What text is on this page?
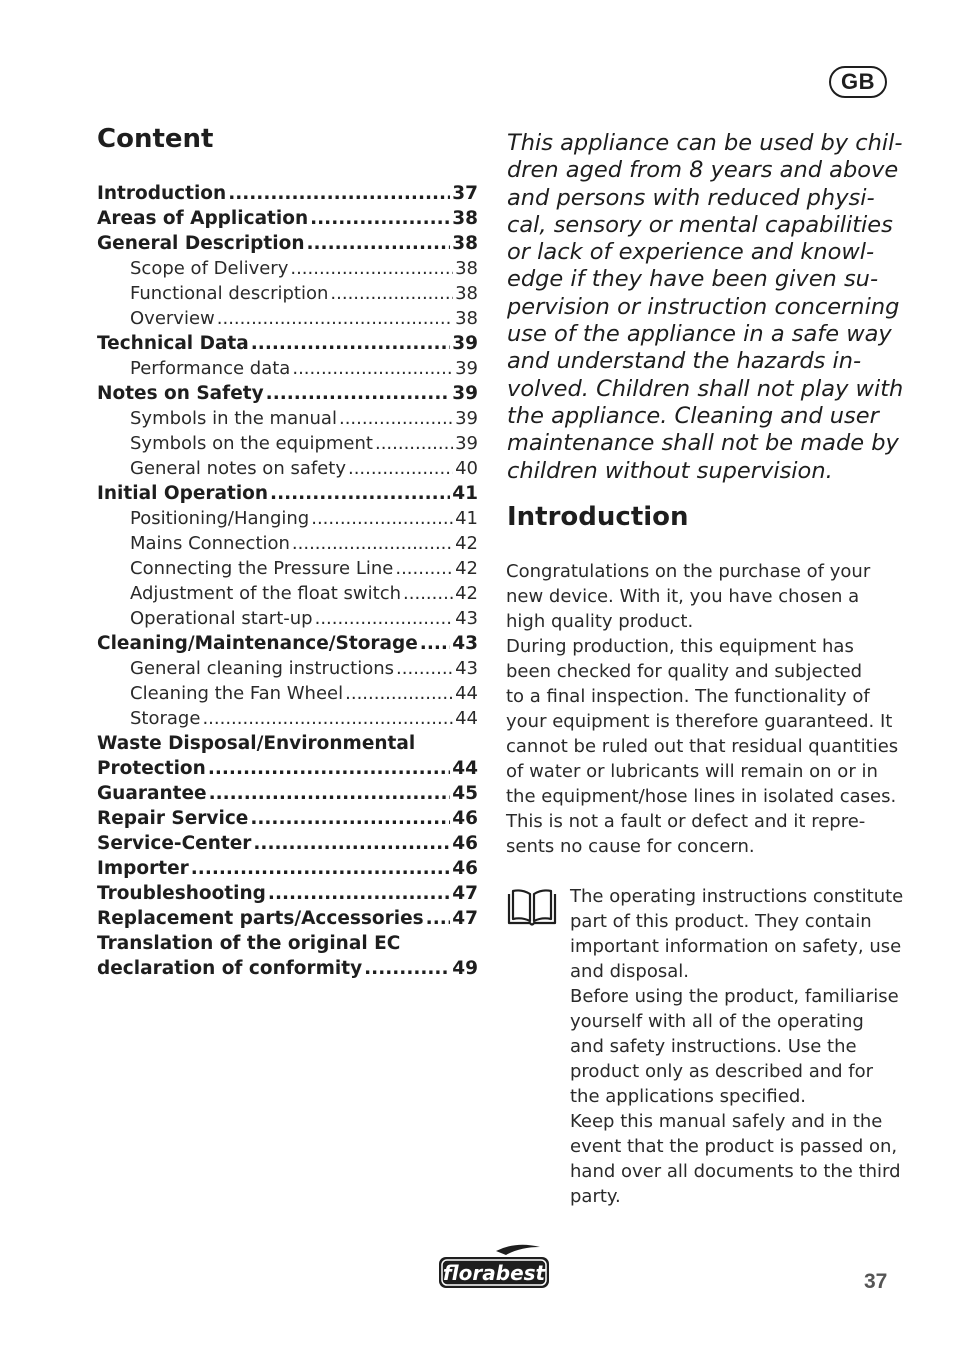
GB
Content
Introduction .....	37
Areas of Application .....	38
General Description .....	38
Scope of Delivery .....	38
Functional description .....	38
Overview .....	38
Technical Data .....	39
Performance data .....	39
Notes on Safety .....	39
Symbols in the manual .....	39
Symbols on the equipment .....	39
General notes on safety .....	40
Initial Operation .....	41
Positioning/Hanging .....	41
Mains Connection .....	42
Connecting the Pressure Line .....	42
Adjustment of the float switch .....	42
Operational start-up .....	43
Cleaning/Maintenance/Storage ..... 43
General cleaning instructions .....	43
Cleaning the Fan Wheel .....	44
Storage .....	44
Waste Disposal/Environmental
Protection .....	44
Guarantee .....	45
Repair Service .....	46
Service-Center .....	46
Importer .....	46
Troubleshooting .....	47
Replacement parts/Accessories ..... 47
Translation of the original EC
declaration of conformity .....	49

This appliance can be used by chil-
dren aged from 8 years and above
and persons with reduced physi-
cal, sensory or mental capabilities
or lack of experience and knowl-
edge if they have been given su-
pervision or instruction concerning
use of the appliance in a safe way
and understand the hazards in-
volved. Children shall not play with
the appliance. Cleaning and user
maintenance shall not be made by
children without supervision.

Introduction
Congratulations on the purchase of your
new device. With it, you have chosen a
high quality product.
During production, this equipment has
been checked for quality and subjected
to a final inspection. The functionality of
your equipment is therefore guaranteed. It
cannot be ruled out that residual quantities
of water or lubricants will remain on or in
the equipment/hose lines in isolated cases.
This is not a fault or defect and it repre-
sents no cause for concern.
The operating instructions constitute
part of this product. They contain
important information on safety, use
and disposal.
Before using the product, familiarise
yourself with all of the operating
and safety instructions. Use the
product only as described and for
the applications specified.
Keep this manual safely and in the
event that the product is passed on,
hand over all documents to the third
party.
florabest	37
